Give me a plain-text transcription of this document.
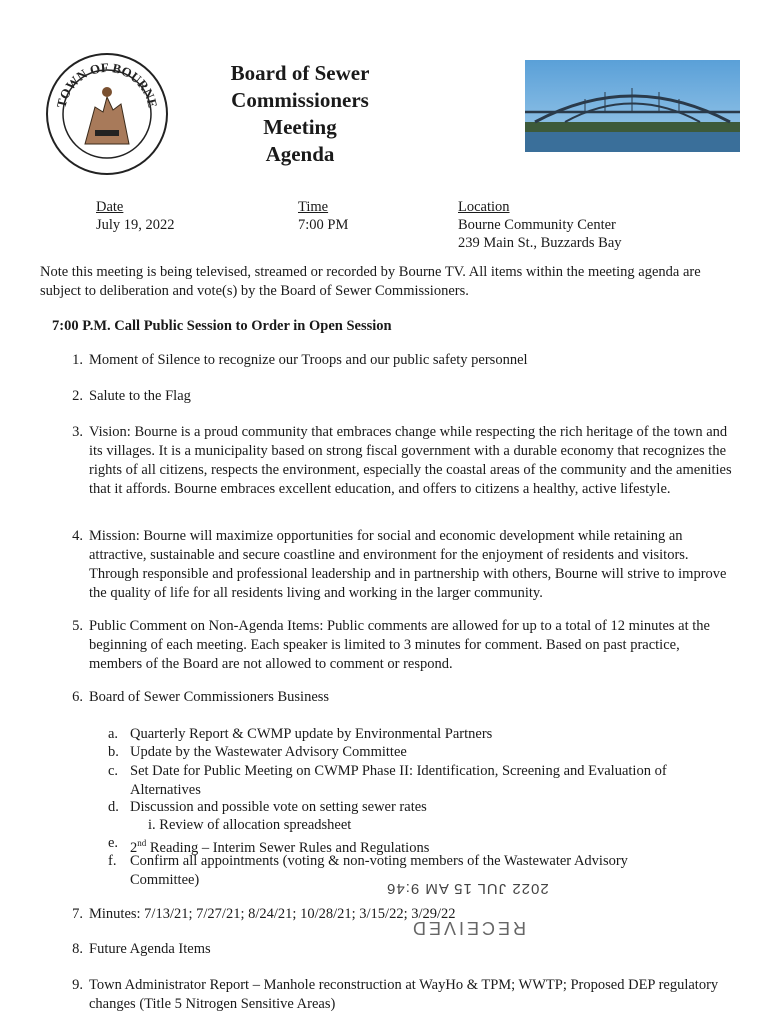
TOWN OF BOURNE
Board of Sewer Commissioners
Meeting
Agenda
Date
July 19, 2022
Time
7:00 PM
Location
Bourne Community Center
239 Main St., Buzzards Bay
Note this meeting is being televised, streamed or recorded by Bourne TV. All items within the meeting agenda are subject to deliberation and vote(s) by the Board of Sewer Commissioners.
7:00 P.M. Call Public Session to Order in Open Session
1. Moment of Silence to recognize our Troops and our public safety personnel
2. Salute to the Flag
3. Vision: Bourne is a proud community that embraces change while respecting the rich heritage of the town and its villages. It is a municipality based on strong fiscal government with a durable economy that recognizes the rights of all citizens, respects the environment, especially the coastal areas of the community and the amenities that it affords. Bourne embraces excellent education, and offers to citizens a healthy, active lifestyle.
4. Mission: Bourne will maximize opportunities for social and economic development while retaining an attractive, sustainable and secure coastline and environment for the enjoyment of residents and visitors. Through responsible and professional leadership and in partnership with others, Bourne will strive to improve the quality of life for all residents living and working in the larger community.
5. Public Comment on Non-Agenda Items: Public comments are allowed for up to a total of 12 minutes at the beginning of each meeting. Each speaker is limited to 3 minutes for comment. Based on past practice, members of the Board are not allowed to comment or respond.
6. Board of Sewer Commissioners Business
a. Quarterly Report & CWMP update by Environmental Partners
b. Update by the Wastewater Advisory Committee
c. Set Date for Public Meeting on CWMP Phase II: Identification, Screening and Evaluation of Alternatives
d. Discussion and possible vote on setting sewer rates
i. Review of allocation spreadsheet
e. 2nd Reading – Interim Sewer Rules and Regulations
f. Confirm all appointments (voting & non-voting members of the Wastewater Advisory Committee)
2022 JUL 15 AM 9:46
RECEIVED
7. Minutes: 7/13/21; 7/27/21; 8/24/21; 10/28/21; 3/15/22; 3/29/22
8. Future Agenda Items
9. Town Administrator Report – Manhole reconstruction at WayHo & TPM; WWTP; Proposed DEP regulatory changes (Title 5 Nitrogen Sensitive Areas)
